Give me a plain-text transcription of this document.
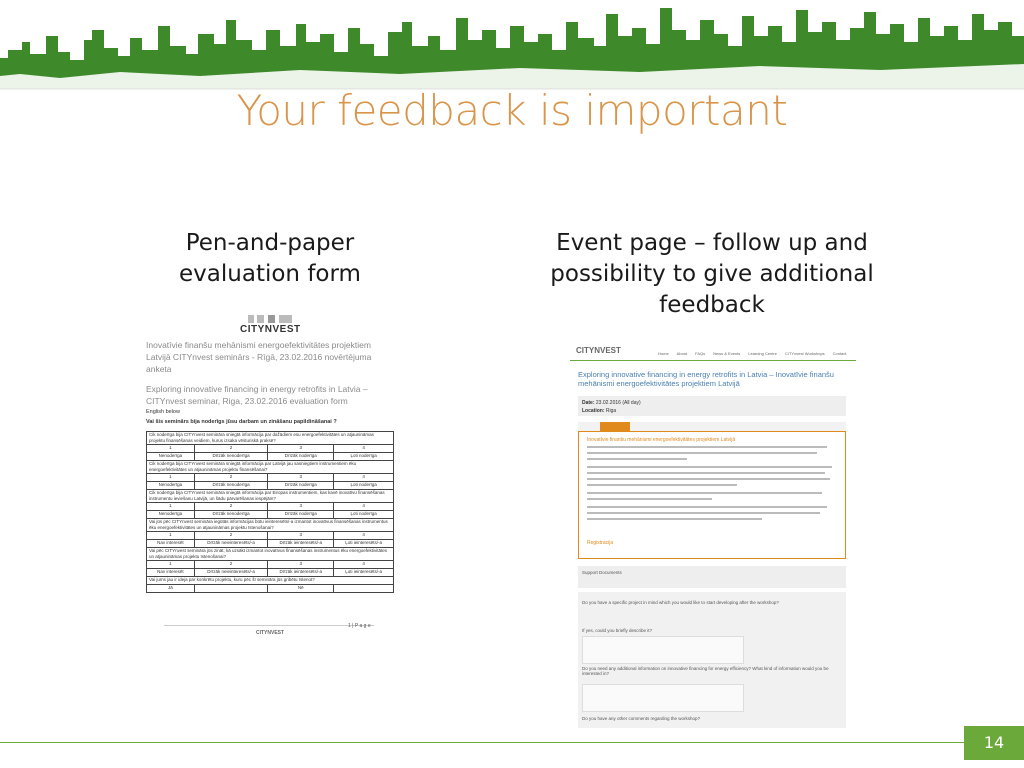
Your feedback is important
Pen-and-paper
evaluation form
Event page – follow up and
possibility to give additional
feedback
CITYNVEST
Inovatīvie finanšu mehānismi energoefektivitātes projektiem Latvijā CITYnvest seminārs - Rīgā, 23.02.2016 novērtējuma anketa
Exploring innovative financing in energy retrofits in Latvia – CITYnvest seminar, Riga, 23.02.2016 evaluation form
English below
Vai šis seminārs bija noderīgs jūsu darbam un zināšanu papildināšanai ?
Cik noderīga bija CITYnvest semināra sniegtā informācija par dažādiem esu energoefektivitātes un atjaunināmas projektu finansēšanas veidiem, kurus izsaka vēsturiskā praksē?			
1	2	3	4
Nenoderīga	Drīzāk nenoderīga	Drīzāk noderīga	Ļoti noderīga
Cik noderīga bija CITYnvest semināra sniegtā informācija par Latvijā jau sasniegtiem instrumentiem ēku energoefektivitātes un atjaunināmas projektu finansēšanai?			
1	2	3	4
Nenoderīga	Drīzāk nenoderīga	Drīzāk noderīga	Ļoti noderīga
Cik noderīga bija CITYnvest semināra sniegtā informācija par Eiropas instrumentiem, kas kavē inovatīvu finansēšanas instrumentu ieviešanu Latvijā, un šādu pārvarēšanas iespējām?			
1	2	3	4
Nenoderīga	Drīzāk nenoderīga	Drīzāk noderīga	Ļoti noderīga
Vai jūs pēc CITYnvest semināra iegūtās informācijas būtu ieinteresēts/-a izmantot inovatīvus finansēšanas instrumentus ēku energoefektivitātes un atjaunināmas projektu īstenošanai?			
1	2	3	4
Nav interesēt	Drīzāk neieinteresēts/-a	Drīzāk ieinteresēts/-a	Ļoti ieinteresēts/-a
Vai pēc CITYnvest semināra jūs zināt, kā uzsākt izmantot inovatīvus finansēšanas instrumentus ēku energoefektivitātes un atjaunināmas projektu īstenošanai?			
1	2	3	4
Nav interesēt	Drīzāk neieinteresēts/-a	Drīzāk ieinteresēts/-a	Ļoti ieinteresēts/-a
Vai jums jau ir ideja par konkrētu projektu, kuru pēc šī semināra jūs gribētu īstenot?			
Jā		Nē	
1 | P a g e
CITYNVEST
CITYNVEST	Home About FAQs News & Events Learning Centre CITYnvest Workshops Contact
Exploring innovative financing in energy retrofits in Latvia – Inovatīvie finanšu mehānismi energoefektivitātes projektiem Latvijā
Date: 23.02.2016 (All day)
Location: Riga
Inovatīvie finanšu mehānismi energoefektivitātes projektiem Latvijā
Registracija
Support Documents
Do you have a specific project in mind which you would like to start developing after the workshop?
If yes, could you briefly describe it?
Do you need any additional information on innovative financing for energy efficiency? What kind of information would you be interested in?
Do you have any other comments regarding the workshop?
14
